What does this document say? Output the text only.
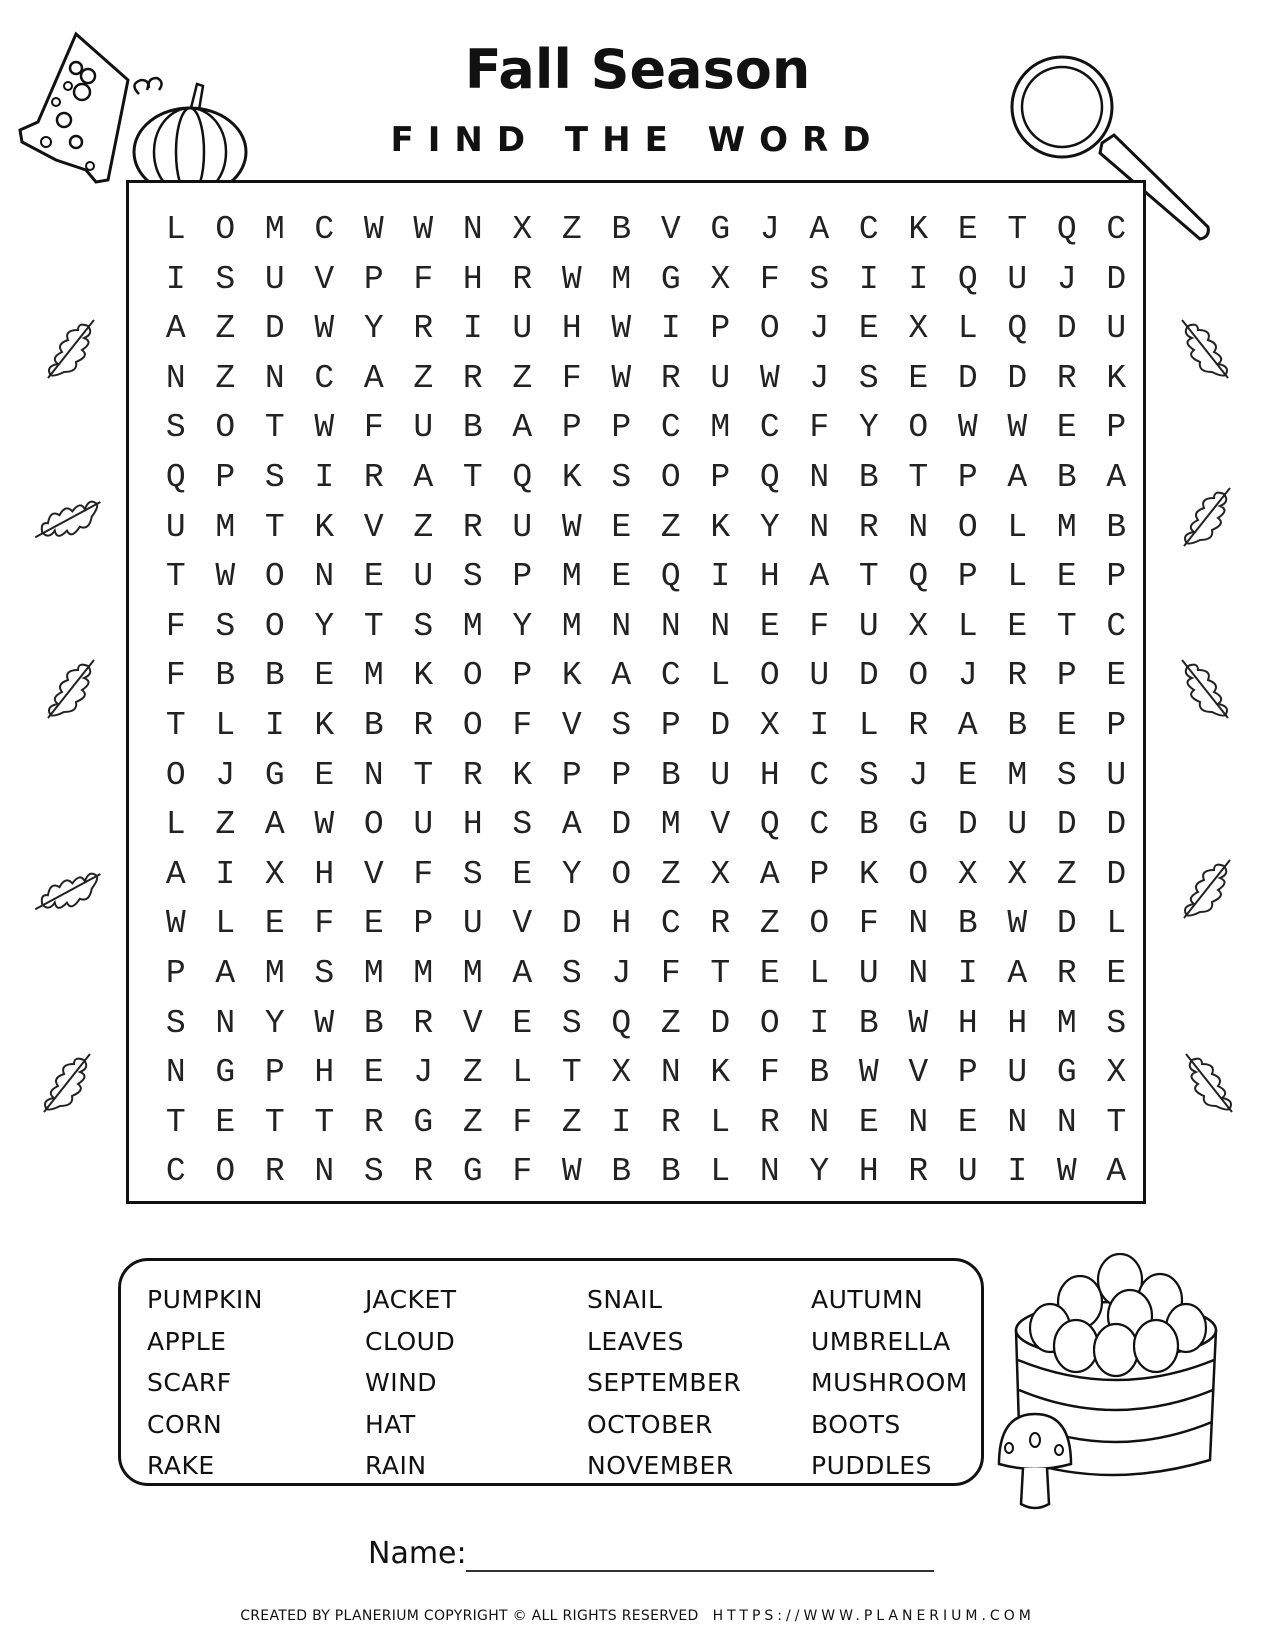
Fall Season
FIND THE WORD
L O M C W W N X Z B V G J A C K E T Q C
I S U V P F H R W M G X F S I I Q U J D
A Z D W Y R I U H W I P O J E X L Q D U
N Z N C A Z R Z F W R U W J S E D D R K
S O T W F U B A P P C M C F Y O W W E P
Q P S I R A T Q K S O P Q N B T P A B A
U M T K V Z R U W E Z K Y N R N O L M B
T W O N E U S P M E Q I H A T Q P L E P
F S O Y T S M Y M N N N E F U X L E T C
F B B E M K O P K A C L O U D O J R P E
T L I K B R O F V S P D X I L R A B E P
O J G E N T R K P P B U H C S J E M S U
L Z A W O U H S A D M V Q C B G D U D D
A I X H V F S E Y O Z X A P K O X X Z D
W L E F E P U V D H C R Z O F N B W D L
P A M S M M M A S J F T E L U N I A R E
S N Y W B R V E S Q Z D O I B W H H M S
N G P H E J Z L T X N K F B W V P U G X
T E T T R G Z F Z I R L R N E N E N N T
C O R N S R G F W B B L N Y H R U I W A
PUMPKIN	JACKET	SNAIL	AUTUMN
APPLE	CLOUD	LEAVES	UMBRELLA
SCARF	WIND	SEPTEMBER	MUSHROOM
CORN	HAT	OCTOBER	BOOTS
RAKE	RAIN	NOVEMBER	PUDDLES
Name:
CREATED BY PLANERIUM COPYRIGHT © ALL RIGHTS RESERVED HTTPS://WWW.PLANERIUM.COM
